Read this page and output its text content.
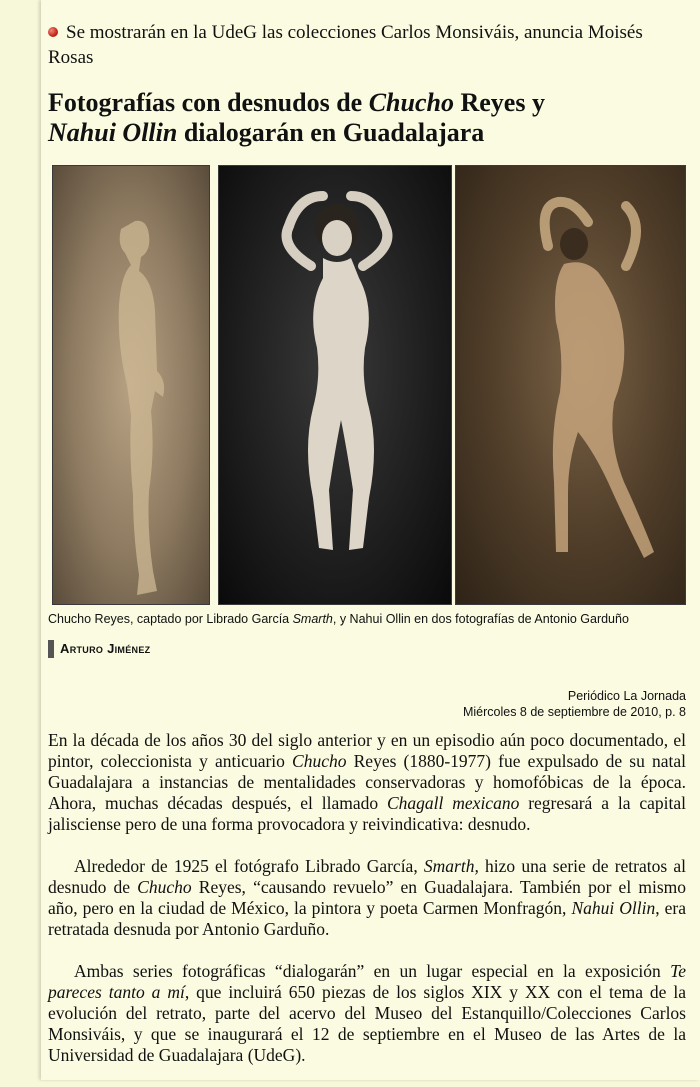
Se mostrarán en la UdeG las colecciones Carlos Monsiváis, anuncia Moisés Rosas
Fotografías con desnudos de Chucho Reyes y
Nahui Ollin dialogarán en Guadalajara
Chucho Reyes, captado por Librado García Smarth, y Nahui Ollin en dos fotografías de Antonio Garduño
Arturo Jiménez
Periódico La Jornada
Miércoles 8 de septiembre de 2010, p. 8

En la década de los años 30 del siglo anterior y en un episodio aún poco documentado, el pintor, coleccionista y anticuario Chucho Reyes (1880-1977) fue expulsado de su natal Guadalajara a instancias de mentalidades conservadoras y homofóbicas de la época. Ahora, muchas décadas después, el llamado Chagall mexicano regresará a la capital jalisciense pero de una forma provocadora y reivindicativa: desnudo.

Alrededor de 1925 el fotógrafo Librado García, Smarth, hizo una serie de retratos al desnudo de Chucho Reyes, “causando revuelo” en Guadalajara. También por el mismo año, pero en la ciudad de México, la pintora y poeta Carmen Monfragón, Nahui Ollin, era retratada desnuda por Antonio Garduño.

Ambas series fotográficas “dialogarán” en un lugar especial en la exposición Te pareces tanto a mí, que incluirá 650 piezas de los siglos XIX y XX con el tema de la evolución del retrato, parte del acervo del Museo del Estanquillo/Colecciones Carlos Monsiváis, y que se inaugurará el 12 de septiembre en el Museo de las Artes de la Universidad de Guadalajara (UdeG).
